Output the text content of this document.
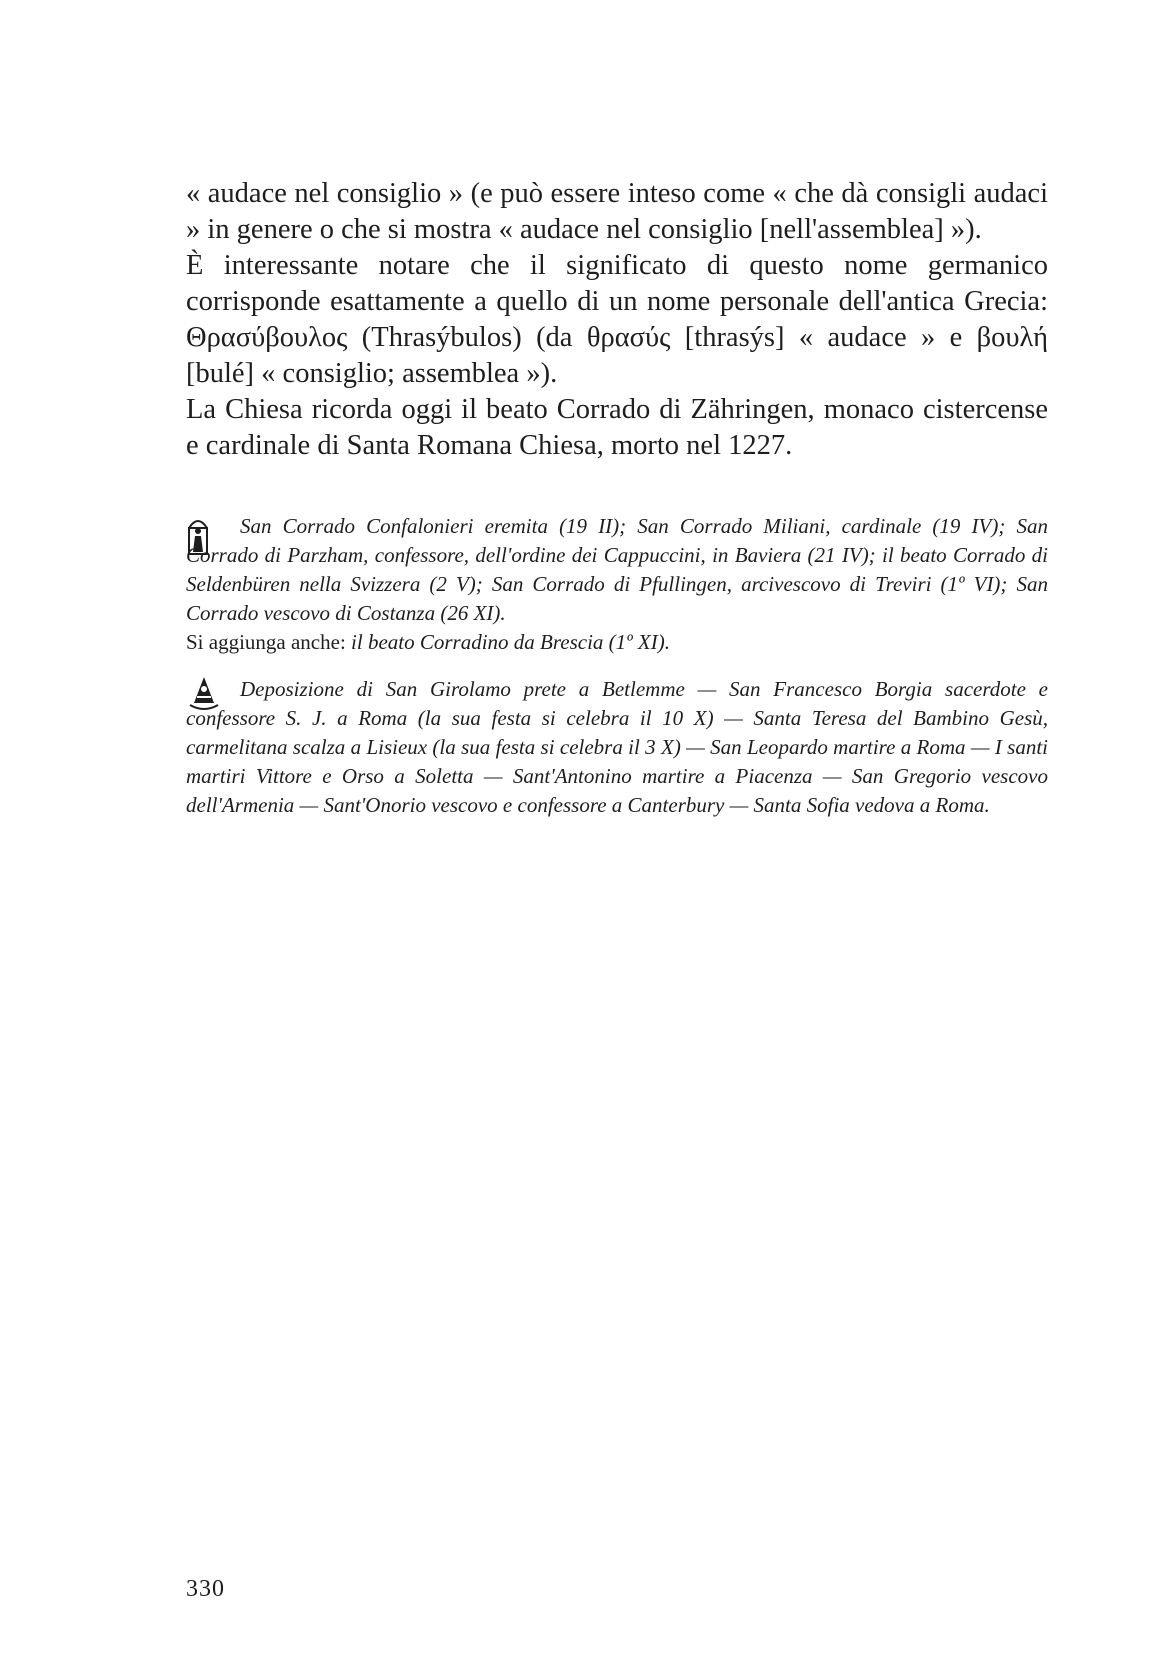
« audace nel consiglio » (e può essere inteso come « che dà consigli audaci » in genere o che si mostra « audace nel consiglio [nell'assemblea] »).

È interessante notare che il significato di questo nome germanico corrisponde esattamente a quello di un nome personale dell'antica Grecia: Θρασύβουλος (Thrasýbulos) (da θρασύς [thrasýs] « audace » e βουλή [bulé] « consiglio; assemblea »).

La Chiesa ricorda oggi il beato Corrado di Zähringen, monaco cistercense e cardinale di Santa Romana Chiesa, morto nel 1227.

San Corrado Confalonieri eremita (19 II); San Corrado Miliani, cardinale (19 IV); San Corrado di Parzham, confessore, dell'ordine dei Cappuccini, in Baviera (21 IV); il beato Corrado di Seldenbüren nella Svizzera (2 V); San Corrado di Pfullingen, arcivescovo di Treviri (1º VI); San Corrado vescovo di Costanza (26 XI).

Si aggiunga anche: il beato Corradino da Brescia (1º XI).

Deposizione di San Girolamo prete a Betlemme — San Francesco Borgia sacerdote e confessore S. J. a Roma (la sua festa si celebra il 10 X) — Santa Teresa del Bambino Gesù, carmelitana scalza a Lisieux (la sua festa si celebra il 3 X) — San Leopardo martire a Roma — I santi martiri Vittore e Orso a Soletta — Sant'Antonino martire a Piacenza — San Gregorio vescovo dell'Armenia — Sant'Onorio vescovo e confessore a Canterbury — Santa Sofia vedova a Roma.

330
